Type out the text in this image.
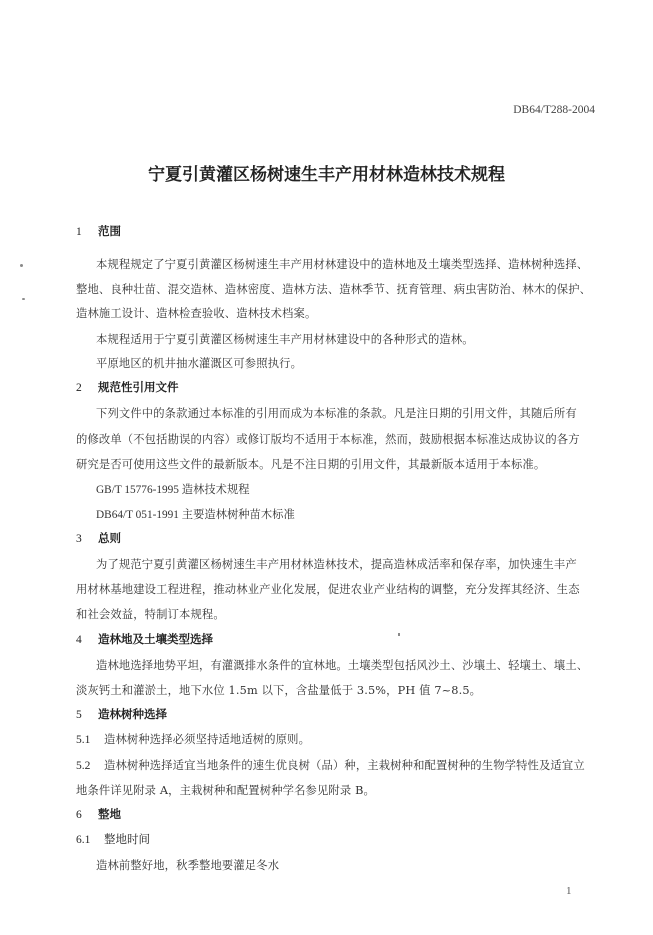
DB64/T288-2004

宁夏引黄灌区杨树速生丰产用材林造林技术规程
1 范围

本规程规定了宁夏引黄灌区杨树速生丰产用材林建设中的造林地及土壤类型选择、造林树种选择、

整地、良种壮苗、混交造林、造林密度、造林方法、造林季节、抚育管理、病虫害防治、林木的保护、

造林施工设计、造林检查验收、造林技术档案。

本规程适用于宁夏引黄灌区杨树速生丰产用材林建设中的各种形式的造林。

平原地区的机井抽水灌溉区可参照执行。

2 规范性引用文件

下列文件中的条款通过本标准的引用而成为本标准的条款。凡是注日期的引用文件，其随后所有

的修改单（不包括勘误的内容）或修订版均不适用于本标准，然而，鼓励根据本标准达成协议的各方

研究是否可使用这些文件的最新版本。凡是不注日期的引用文件，其最新版本适用于本标准。

GB/T 15776-1995 造林技术规程

DB64/T 051-1991 主要造林树种苗木标准

3 总则

为了规范宁夏引黄灌区杨树速生丰产用材林造林技术，提高造林成活率和保存率，加快速生丰产

用材林基地建设工程进程，推动林业产业化发展，促进农业产业结构的调整，充分发挥其经济、生态

和社会效益，特制订本规程。

4 造林地及土壤类型选择

造林地选择地势平坦，有灌溉排水条件的宜林地。土壤类型包括风沙土、沙壤土、轻壤土、壤土、

淡灰钙土和灌淤土，地下水位 1.5m 以下，含盐量低于 3.5%，PH 值 7~8.5。

5 造林树种选择
5.1 造林树种选择必须坚持适地适树的原则。
5.2 造林树种选择适宜当地条件的速生优良树（品）种，主栽树种和配置树种的生物学特性及适宜立

地条件详见附录 A，主栽树种和配置树种学名参见附录 B。

6 整地
6.1 整地时间

造林前整好地，秋季整地要灌足冬水

1
